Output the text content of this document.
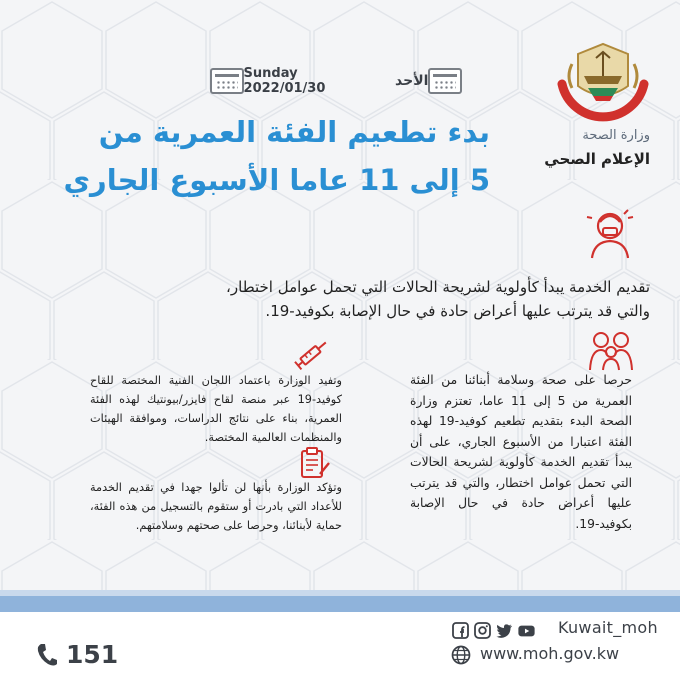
وزارة الصحة
الإعلام الصحي
Sunday 2022/01/30	الأحد
بدء تطعيم الفئة العمرية من
5 إلى 11 عاما الأسبوع الجاري
تقديم الخدمة يبدأ كأولوية لشريحة الحالات التي تحمل عوامل اختطار،
والتي قد يترتب عليها أعراض حادة في حال الإصابة بكوفيد-19.
وتفيد الوزارة باعتماد اللجان الفنية المختصة للقاح كوفيد-19 عبر منصة لقاح فايزر/بيونتيك لهذه الفئة العمرية، بناء على نتائج الدراسات، وموافقة الهيئات والمنظمات العالمية المختصة.
وتؤكد الوزارة بأنها لن تألوا جهدا في تقديم الخدمة للأعداد التي بادرت أو ستقوم بالتسجيل من هذه الفئة، حماية لأبنائنا، وحرصا على صحتهم وسلامتهم.
حرصا على صحة وسلامة أبنائنا من الفئة العمرية من 5 إلى 11 عاما، تعتزم وزارة الصحة البدء بتقديم تطعيم كوفيد-19 لهذه الفئة اعتبارا من الأسبوع الجاري، على أن يبدأ تقديم الخدمة كأولوية لشريحة الحالات التي تحمل عوامل اختطار، والتي قد يترتب عليها أعراض حادة في حال الإصابة بكوفيد-19.
Kuwait_moh
www.moh.gov.kw
151
